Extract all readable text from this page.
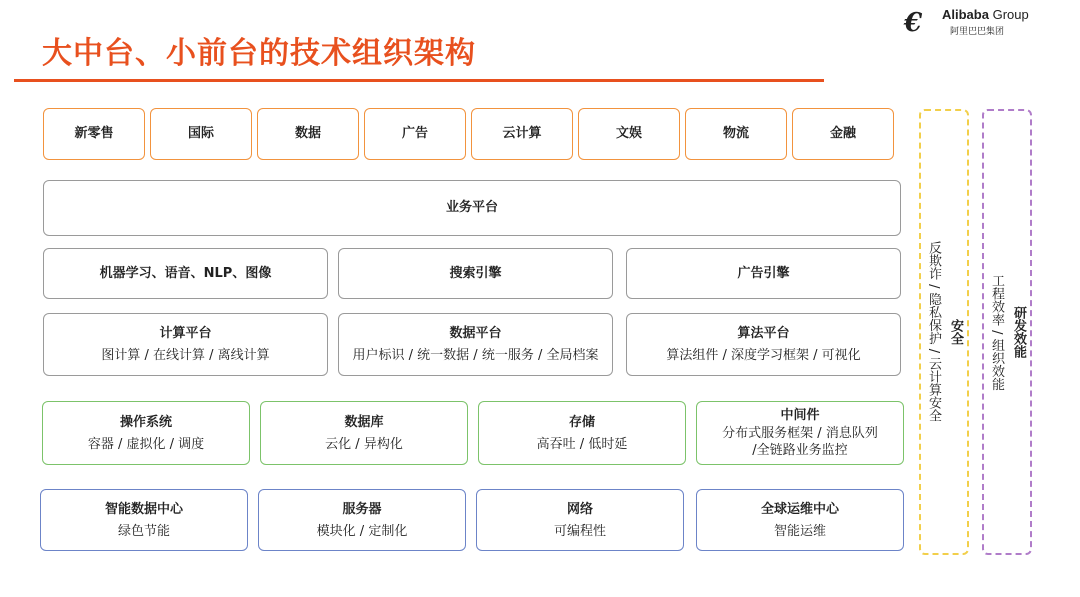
大中台、小前台的技术组织架构
€ Alibaba Group
阿里巴巴集团
新零售	国际	数据	广告	云计算	文娱	物流	金融
业务平台
机器学习、语音、NLP、图像	搜索引擎	广告引擎
计算平台
图计算 / 在线计算 / 离线计算
数据平台
用户标识 / 统一数据 / 统一服务 / 全局档案
算法平台
算法组件 / 深度学习框架 / 可视化
操作系统
容器 / 虚拟化 / 调度
数据库
云化 / 异构化
存储
高吞吐 / 低时延
中间件
分布式服务框架 / 消息队列
/全链路业务监控
智能数据中心
绿色节能
服务器
模块化 / 定制化
网络
可编程性
全球运维中心
智能运维
安全
反欺诈 / 隐私保护 / 云计算安全	研发效能
工程效率 / 组织效能
